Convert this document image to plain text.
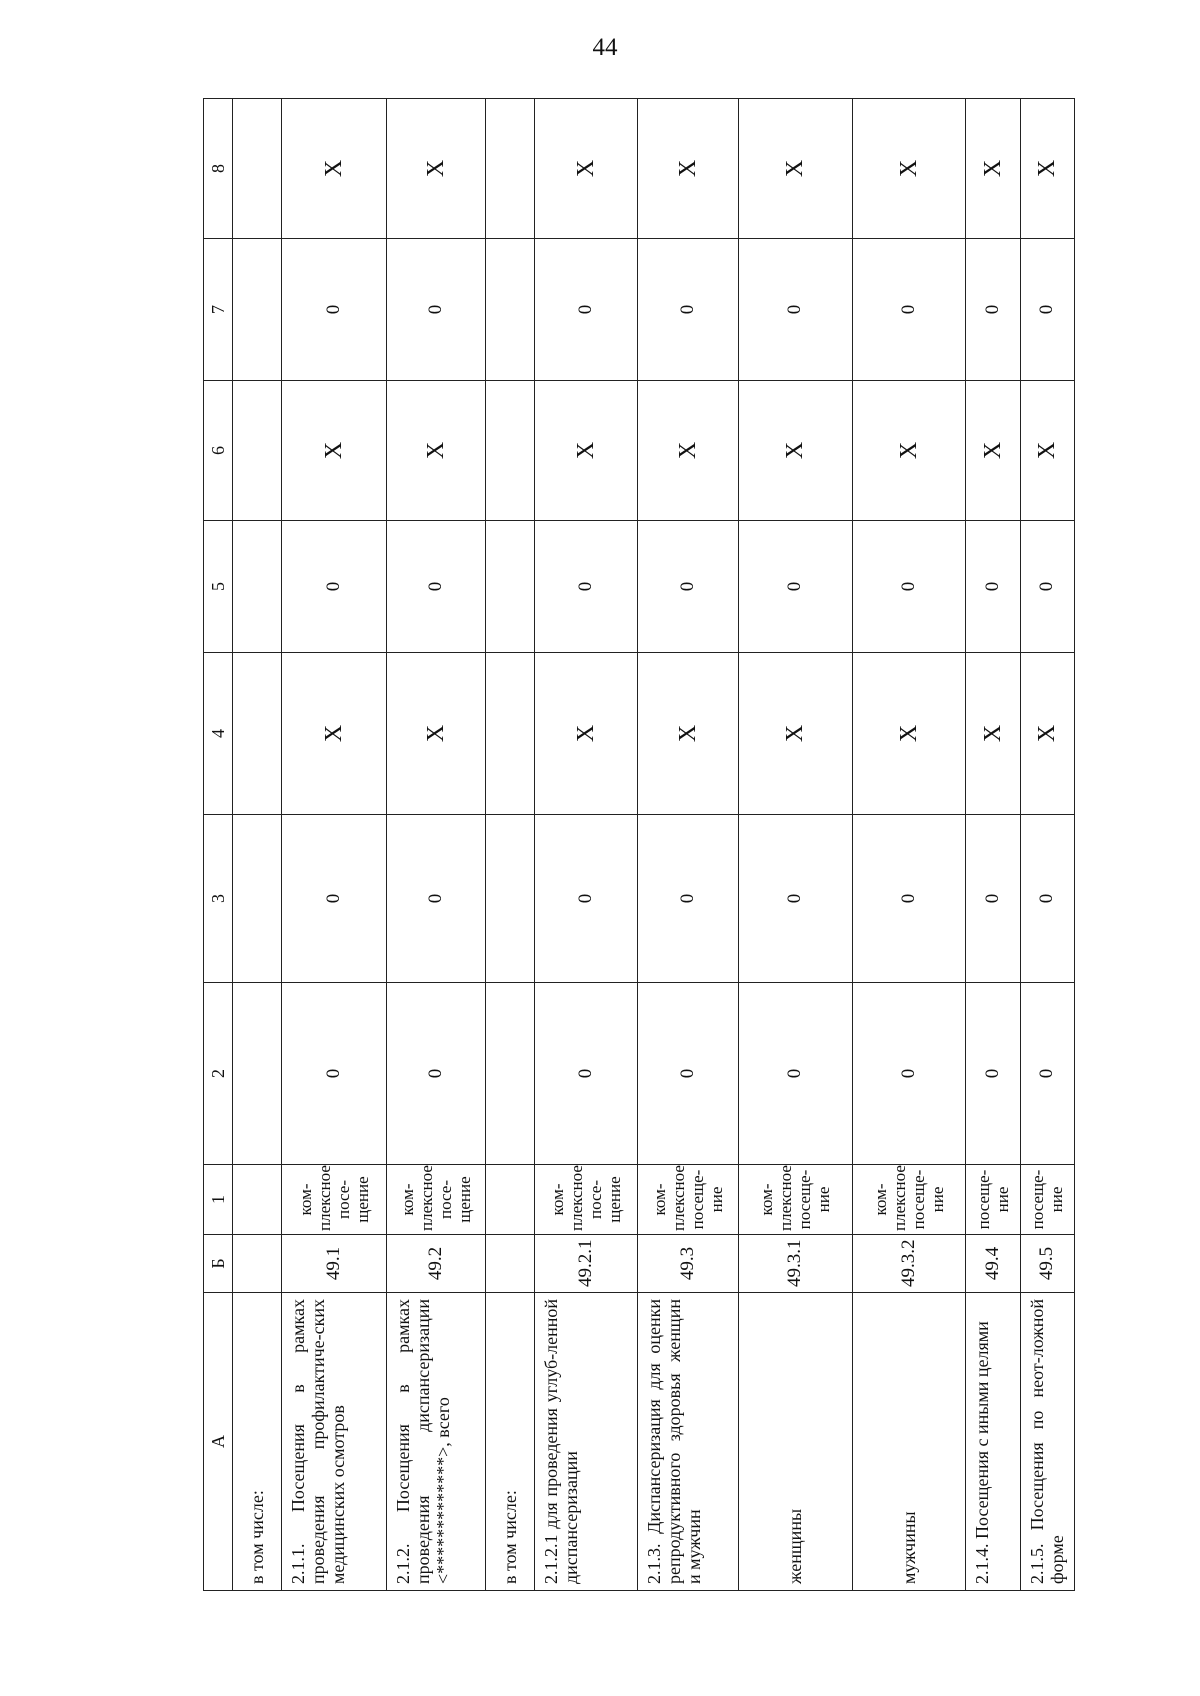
44
А	Б	1	2	3	4	5	6	7	8
в том числе:									
2.1.1. Посещения в рамках проведения профилактиче-ских медицинских осмотров	49.1	ком-плексное посе-щение	0	0	Х	0	Х	0	Х
2.1.2. Посещения в рамках проведения диспансеризации <*************>, всего	49.2	ком-плексное посе-щение	0	0	Х	0	Х	0	Х
в том числе:									
2.1.2.1 для проведения углуб-ленной диспансеризации	49.2.1	ком-плексное посе-щение	0	0	Х	0	Х	0	Х
2.1.3. Диспансеризация для оценки репродуктивного здоровья женщин и мужчин	49.3	ком-плексное посеще-ние	0	0	Х	0	Х	0	Х
женщины	49.3.1	ком-плексное посеще-ние	0	0	Х	0	Х	0	Х
мужчины	49.3.2	ком-плексное посеще-ние	0	0	Х	0	Х	0	Х
2.1.4. Посещения с иными целями	49.4	посеще-ние	0	0	Х	0	Х	0	Х
2.1.5. Посещения по неот-ложной форме	49.5	посеще-ние	0	0	Х	0	Х	0	Х
